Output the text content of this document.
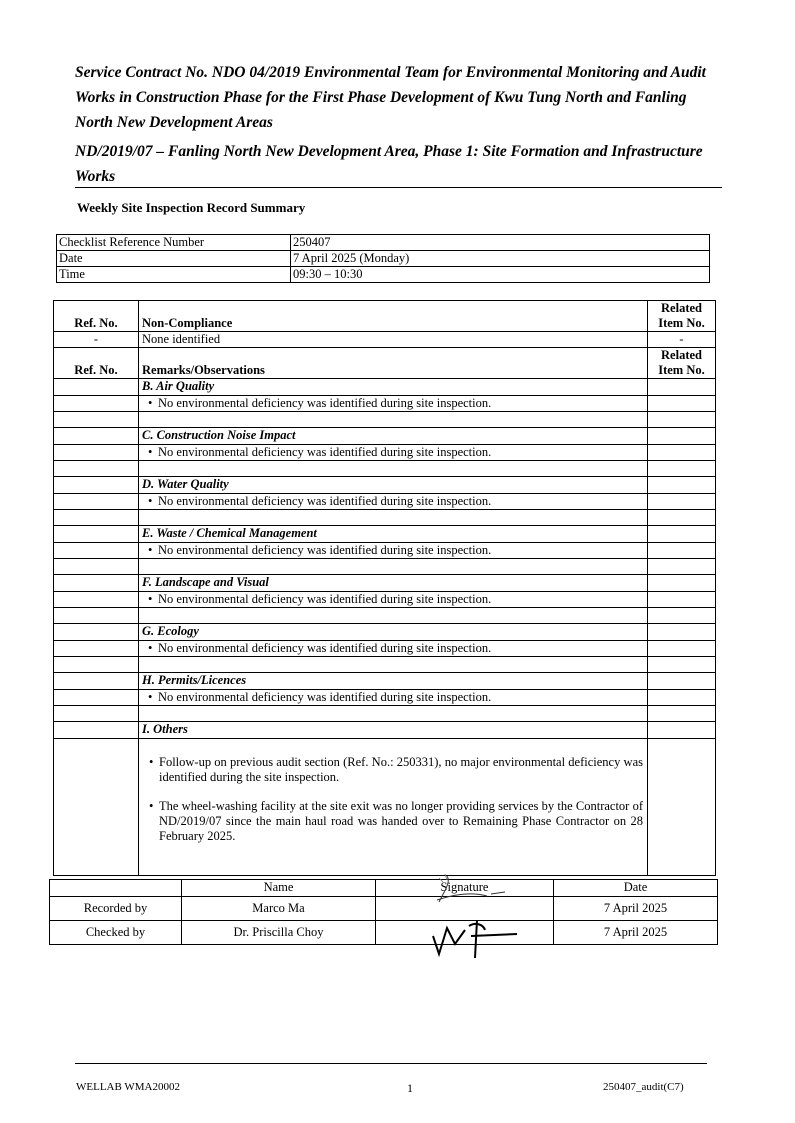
Service Contract No. NDO 04/2019 Environmental Team for Environmental Monitoring and Audit Works in Construction Phase for the First Phase Development of Kwu Tung North and Fanling North New Development Areas
ND/2019/07 – Fanling North New Development Area, Phase 1: Site Formation and Infrastructure Works
Weekly Site Inspection Record Summary
Checklist Reference Number	250407
Date	7 April 2025 (Monday)
Time	09:30 – 10:30
Ref. No.	Non-Compliance	Related Item No.
-	None identified	-
Ref. No.	Remarks/Observations	Related Item No.
	B. Air Quality	

	• No environmental deficiency was identified during site inspection.

	C. Construction Noise Impact	

	• No environmental deficiency was identified during site inspection.

	D. Water Quality	

	• No environmental deficiency was identified during site inspection.

	E. Waste / Chemical Management	

	• No environmental deficiency was identified during site inspection.

	F. Landscape and Visual	

	• No environmental deficiency was identified during site inspection.

	G. Ecology	

	• No environmental deficiency was identified during site inspection.

	H. Permits/Licences	

	• No environmental deficiency was identified during site inspection.

	I. Others	

	• Follow-up on previous audit section (Ref. No.: 250331), no major environmental deficiency was identified during the site inspection.

• The wheel-washing facility at the site exit was no longer providing services by the Contractor of ND/2019/07 since the main haul road was handed over to Remaining Phase Contractor on 28 February 2025.

	Name	Signature	Date
Recorded by	Marco Ma		7 April 2025
Checked by	Dr. Priscilla Choy		7 April 2025
WELLAB WMA20002	1	250407_audit(C7)
